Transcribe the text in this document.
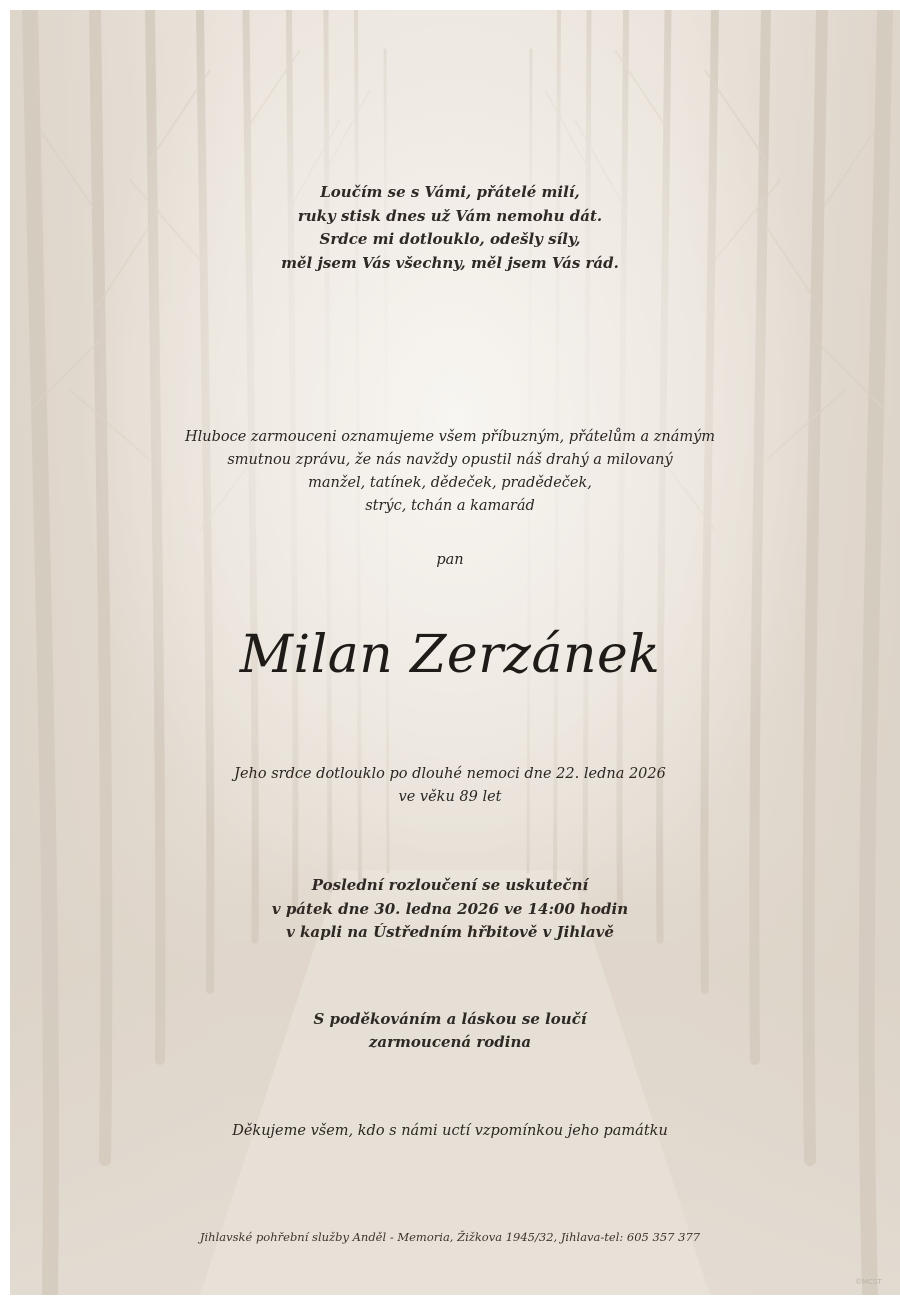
Loučím se s Vámi, přátelé milí,
ruky stisk dnes už Vám nemohu dát.
Srdce mi dotlouklo, odešly síly,
měl jsem Vás všechny, měl jsem Vás rád.
Hluboce zarmouceni oznamujeme všem příbuzným, přátelům a známým
smutnou zprávu, že nás navždy opustil náš drahý a milovaný
manžel, tatínek, dědeček, pradědeček,
strýc, tchán a kamarád

pan

Milan Zerzánek

Jeho srdce dotlouklo po dlouhé nemoci dne 22. ledna 2026
ve věku 89 let
Poslední rozloučení se uskuteční
v pátek dne 30. ledna 2026 ve 14:00 hodin
v kapli na Ústředním hřbitově v Jihlavě
S poděkováním a láskou se loučí
zarmoucená rodina

Děkujeme všem, kdo s námi uctí vzpomínkou jeho památku

Jihlavské pohřební služby Anděl - Memoria, Žižkova 1945/32, Jihlava-tel: 605 357 377

©MCST
